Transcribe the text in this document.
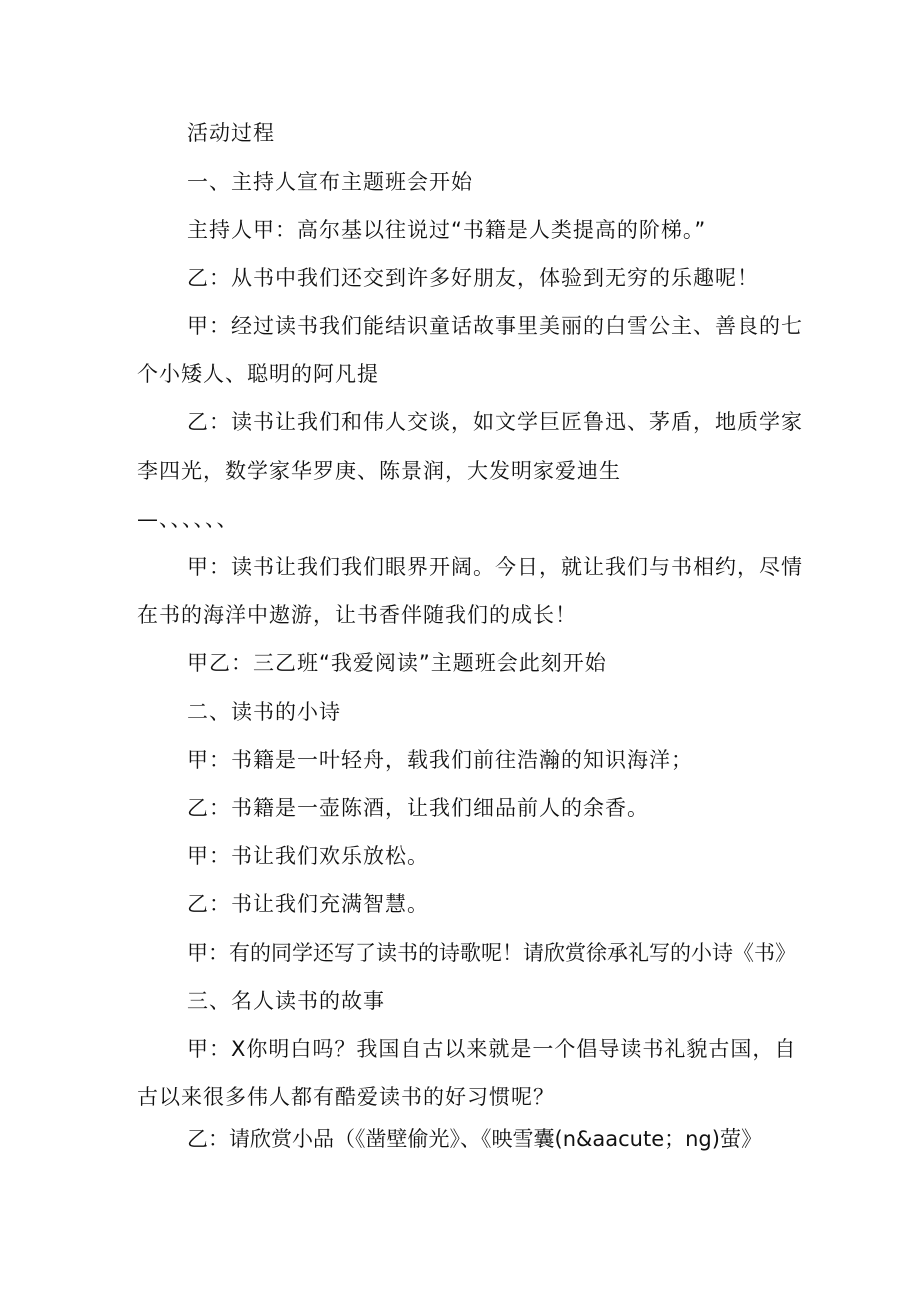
活动过程
一、主持人宣布主题班会开始
主持人甲：高尔基以往说过“书籍是人类提高的阶梯。”
乙：从书中我们还交到许多好朋友，体验到无穷的乐趣呢！
甲：经过读书我们能结识童话故事里美丽的白雪公主、善良的七
个小矮人、聪明的阿凡提
乙：读书让我们和伟人交谈，如文学巨匠鲁迅、茅盾，地质学家
李四光，数学家华罗庚、陈景润，大发明家爱迪生
—、、、、、、
甲：读书让我们我们眼界开阔。今日，就让我们与书相约，尽情
在书的海洋中遨游，让书香伴随我们的成长！
甲乙：三乙班“我爱阅读”主题班会此刻开始
二、读书的小诗
甲：书籍是一叶轻舟，载我们前往浩瀚的知识海洋；
乙：书籍是一壶陈酒，让我们细品前人的余香。
甲：书让我们欢乐放松。
乙：书让我们充满智慧。
甲：有的同学还写了读书的诗歌呢！请欣赏徐承礼写的小诗《书》
三、名人读书的故事
甲：X你明白吗？我国自古以来就是一个倡导读书礼貌古国，自
古以来很多伟人都有酷爱读书的好习惯呢？
乙：请欣赏小品（《凿壁偷光》、《映雪囊(n&aacute；ng)萤》
